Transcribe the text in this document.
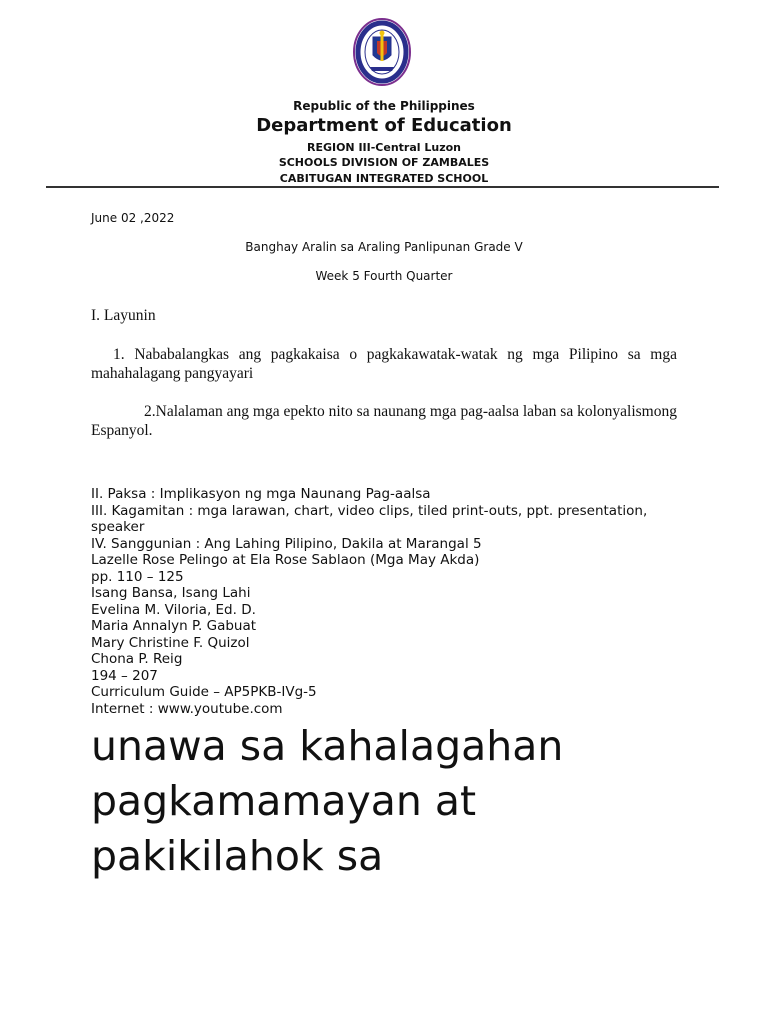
Republic of the Philippines
Department of Education
REGION III-Central Luzon
SCHOOLS DIVISION OF ZAMBALES
CABITUGAN INTEGRATED SCHOOL
June 02 ,2022
Banghay Aralin sa Araling Panlipunan Grade V
Week 5 Fourth Quarter
I. Layunin
1. Nababalangkas ang pagkakaisa o pagkakawatak-watak ng mga Pilipino sa mga mahahalagang pangyayari
2.Nalalaman ang mga epekto nito sa naunang mga pag-aalsa laban sa kolonyalismong Espanyol.
II. Paksa : Implikasyon ng mga Naunang Pag-aalsa
III. Kagamitan : mga larawan, chart, video clips, tiled print-outs, ppt. presentation, speaker
IV. Sanggunian : Ang Lahing Pilipino, Dakila at Marangal 5
Lazelle Rose Pelingo at Ela Rose Sablaon (Mga May Akda)
pp. 110 – 125
Isang Bansa, Isang Lahi
Evelina M. Viloria, Ed. D.
Maria Annalyn P. Gabuat
Mary Christine F. Quizol
Chona P. Reig
194 – 207
Curriculum Guide – AP5PKB-IVg-5
Internet : www.youtube.com
unawa sa kahalagahan
pagkamamayan at
pakikilahok sa
